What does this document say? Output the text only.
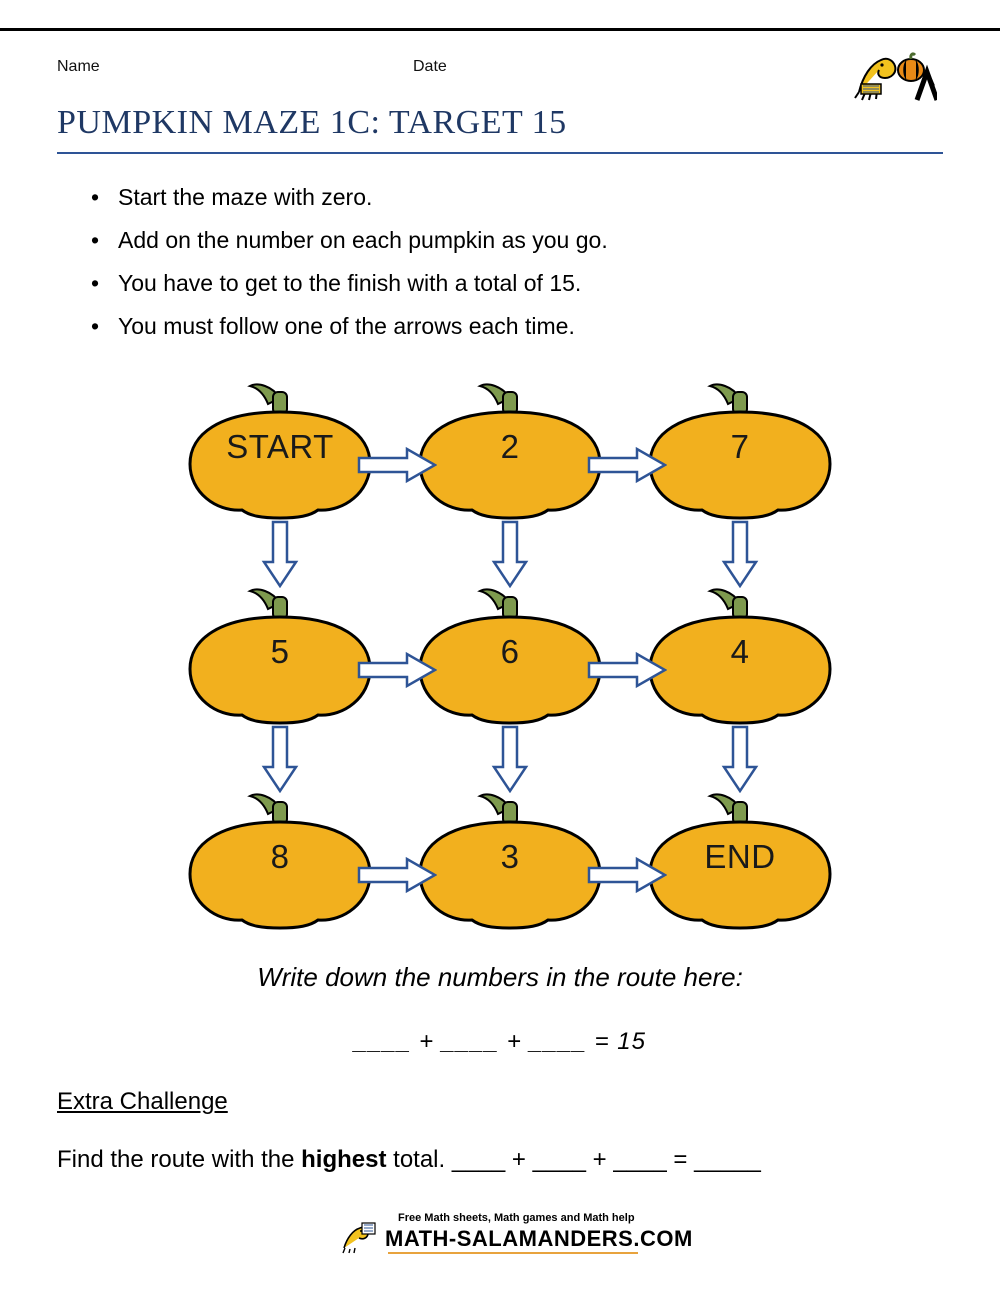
Name	Date
PUMPKIN MAZE 1C: TARGET 15
• Start the maze with zero.
• Add on the number on each pumpkin as you go.
• You have to get to the finish with a total of 15.
• You must follow one of the arrows each time.
START	2	7
5	6	4
8	3	END
Write down the numbers in the route here:
____ + ____ + ____ = 15
Extra Challenge
Find the route with the highest total. ____ + ____ + ____ = _____
Free Math sheets, Math games and Math help
MATH-SALAMANDERS.COM
